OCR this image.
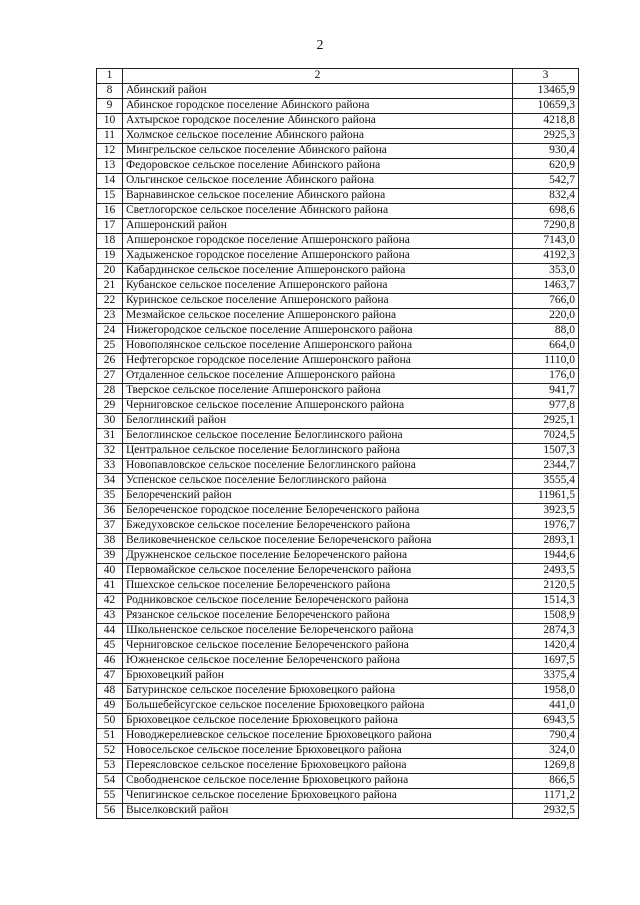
2
1	2	3
8	Абинский район	13465,9
9	Абинское городское поселение Абинского района	10659,3
10	Ахтырское городское поселение Абинского района	4218,8
11	Холмское сельское поселение Абинского района	2925,3
12	Мингрельское сельское поселение Абинского района	930,4
13	Федоровское сельское поселение Абинского района	620,9
14	Ольгинское сельское поселение Абинского района	542,7
15	Варнавинское сельское поселение Абинского района	832,4
16	Светлогорское сельское поселение Абинского района	698,6
17	Апшеронский район	7290,8
18	Апшеронское городское поселение Апшеронского района	7143,0
19	Хадыженское городское поселение Апшеронского района	4192,3
20	Кабардинское сельское поселение Апшеронского района	353,0
21	Кубанское сельское поселение Апшеронского района	1463,7
22	Куринское сельское поселение Апшеронского района	766,0
23	Мезмайское сельское поселение Апшеронского района	220,0
24	Нижегородское сельское поселение Апшеронского района	88,0
25	Новополянское сельское поселение Апшеронского района	664,0
26	Нефтегорское городское поселение Апшеронского района	1110,0
27	Отдаленное сельское поселение Апшеронского района	176,0
28	Тверское сельское поселение Апшеронского района	941,7
29	Черниговское сельское поселение Апшеронского района	977,8
30	Белоглинский район	2925,1
31	Белоглинское сельское поселение Белоглинского района	7024,5
32	Центральное сельское поселение Белоглинского района	1507,3
33	Новопавловское сельское поселение Белоглинского района	2344,7
34	Успенское сельское поселение Белоглинского района	3555,4
35	Белореченский район	11961,5
36	Белореченское городское поселение Белореченского района	3923,5
37	Бжедуховское сельское поселение Белореченского района	1976,7
38	Великовечненское сельское поселение Белореченского района	2893,1
39	Дружненское сельское поселение Белореченского района	1944,6
40	Первомайское сельское поселение Белореченского района	2493,5
41	Пшехское сельское поселение Белореченского района	2120,5
42	Родниковское сельское поселение Белореченского района	1514,3
43	Рязанское сельское поселение Белореченского района	1508,9
44	Школьненское сельское поселение Белореченского района	2874,3
45	Черниговское сельское поселение Белореченского района	1420,4
46	Южненское сельское поселение Белореченского района	1697,5
47	Брюховецкий район	3375,4
48	Батуринское сельское поселение Брюховецкого района	1958,0
49	Большебейсугское сельское поселение Брюховецкого района	441,0
50	Брюховецкое сельское поселение Брюховецкого района	6943,5
51	Новоджерелиевское сельское поселение Брюховецкого района	790,4
52	Новосельское сельское поселение Брюховецкого района	324,0
53	Переясловское сельское поселение Брюховецкого района	1269,8
54	Свободненское сельское поселение Брюховецкого района	866,5
55	Чепигинское сельское поселение Брюховецкого района	1171,2
56	Выселковский район	2932,5
